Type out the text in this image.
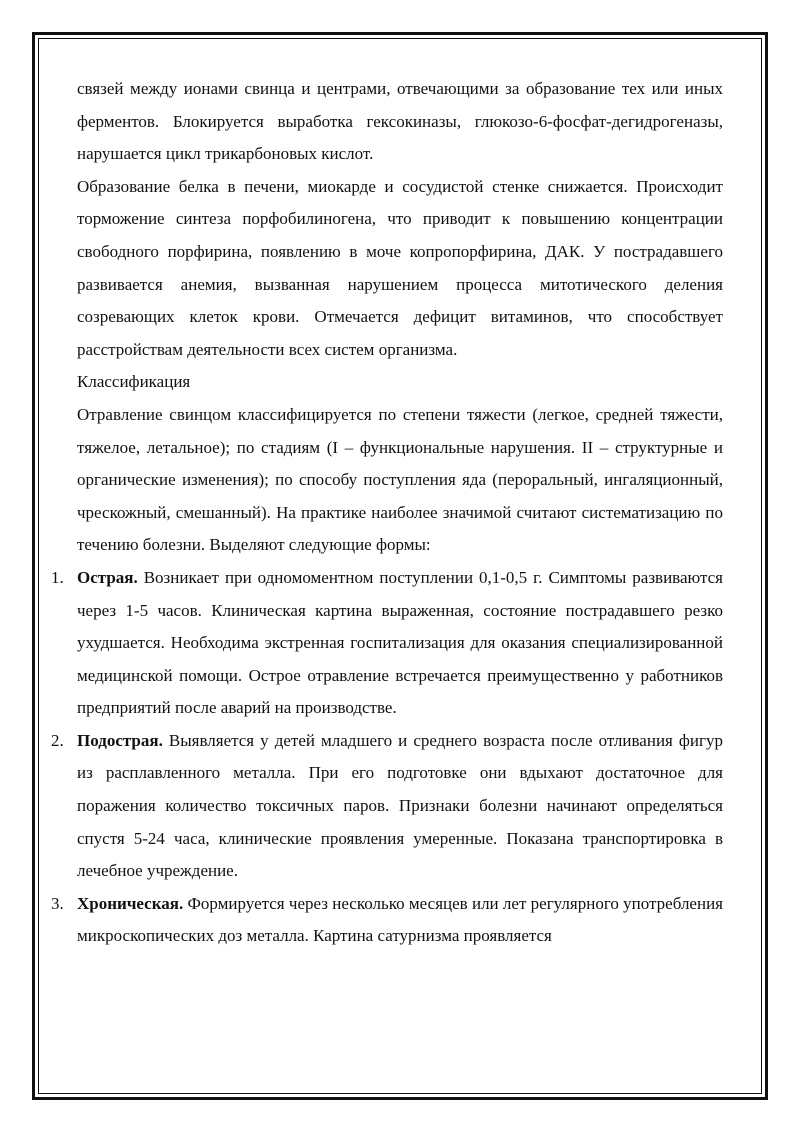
связей между ионами свинца и центрами, отвечающими за образование тех или иных ферментов. Блокируется выработка гексокиназы, глюкозо-6-фосфат-дегидрогеназы, нарушается цикл трикарбоновых кислот.

Образование белка в печени, миокарде и сосудистой стенке снижается. Происходит торможение синтеза порфобилиногена, что приводит к повышению концентрации свободного порфирина, появлению в моче копропорфирина, ДАК. У пострадавшего развивается анемия, вызванная нарушением процесса митотического деления созревающих клеток крови. Отмечается дефицит витаминов, что способствует расстройствам деятельности всех систем организма.

Классификация

Отравление свинцом классифицируется по степени тяжести (легкое, средней тяжести, тяжелое, летальное); по стадиям (I – функциональные нарушения. II – структурные и органические изменения); по способу поступления яда (пероральный, ингаляционный, чрескожный, смешанный). На практике наиболее значимой считают систематизацию по течению болезни. Выделяют следующие формы:

1. Острая. Возникает при одномоментном поступлении 0,1-0,5 г. Симптомы развиваются через 1-5 часов. Клиническая картина выраженная, состояние пострадавшего резко ухудшается. Необходима экстренная госпитализация для оказания специализированной медицинской помощи. Острое отравление встречается преимущественно у работников предприятий после аварий на производстве.
2. Подострая. Выявляется у детей младшего и среднего возраста после отливания фигур из расплавленного металла. При его подготовке они вдыхают достаточное для поражения количество токсичных паров. Признаки болезни начинают определяться спустя 5-24 часа, клинические проявления умеренные. Показана транспортировка в лечебное учреждение.
3. Хроническая. Формируется через несколько месяцев или лет регулярного употребления микроскопических доз металла. Картина сатурнизма проявляется
